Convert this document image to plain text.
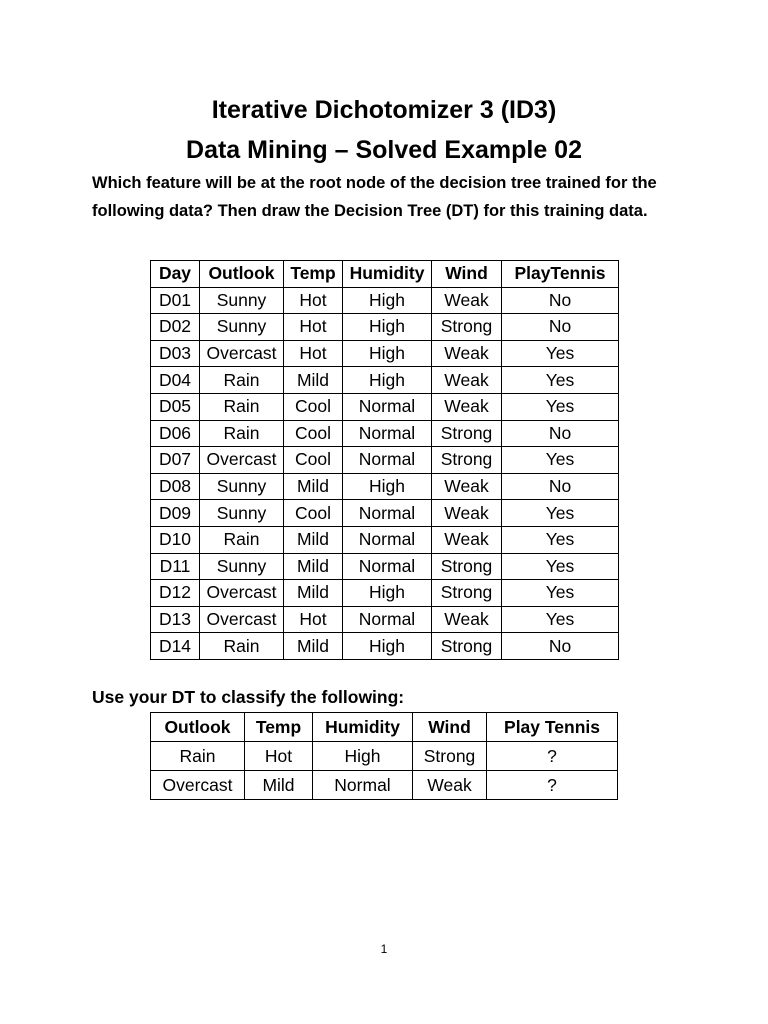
Iterative Dichotomizer 3 (ID3)
Data Mining – Solved Example 02
Which feature will be at the root node of the decision tree trained for the following data? Then draw the Decision Tree (DT) for this training data.
Day	Outlook	Temp	Humidity	Wind	PlayTennis
D01	Sunny	Hot	High	Weak	No
D02	Sunny	Hot	High	Strong	No
D03	Overcast	Hot	High	Weak	Yes
D04	Rain	Mild	High	Weak	Yes
D05	Rain	Cool	Normal	Weak	Yes
D06	Rain	Cool	Normal	Strong	No
D07	Overcast	Cool	Normal	Strong	Yes
D08	Sunny	Mild	High	Weak	No
D09	Sunny	Cool	Normal	Weak	Yes
D10	Rain	Mild	Normal	Weak	Yes
D11	Sunny	Mild	Normal	Strong	Yes
D12	Overcast	Mild	High	Strong	Yes
D13	Overcast	Hot	Normal	Weak	Yes
D14	Rain	Mild	High	Strong	No
Use your DT to classify the following:
Outlook	Temp	Humidity	Wind	Play Tennis
Rain	Hot	High	Strong	?
Overcast	Mild	Normal	Weak	?
1
